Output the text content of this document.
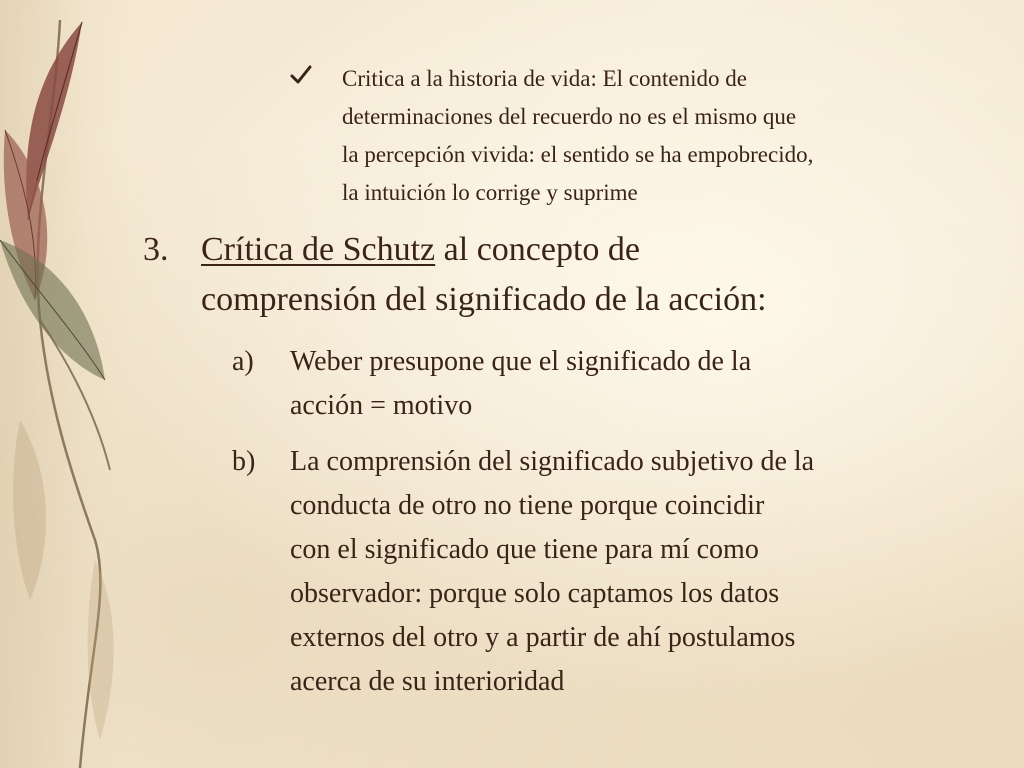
Critica a la historia de vida: El contenido de
determinaciones del recuerdo no es el mismo que
la percepción vivida: el sentido se ha empobrecido,
la intuición lo corrige y suprime
3. Crítica de Schutz al concepto de
comprensión del significado de la acción:
a) Weber presupone que el significado de la
acción = motivo
b) La comprensión del significado subjetivo de la
conducta de otro no tiene porque coincidir
con el significado que tiene para mí como
observador: porque solo captamos los datos
externos del otro y a partir de ahí postulamos
acerca de su interioridad
